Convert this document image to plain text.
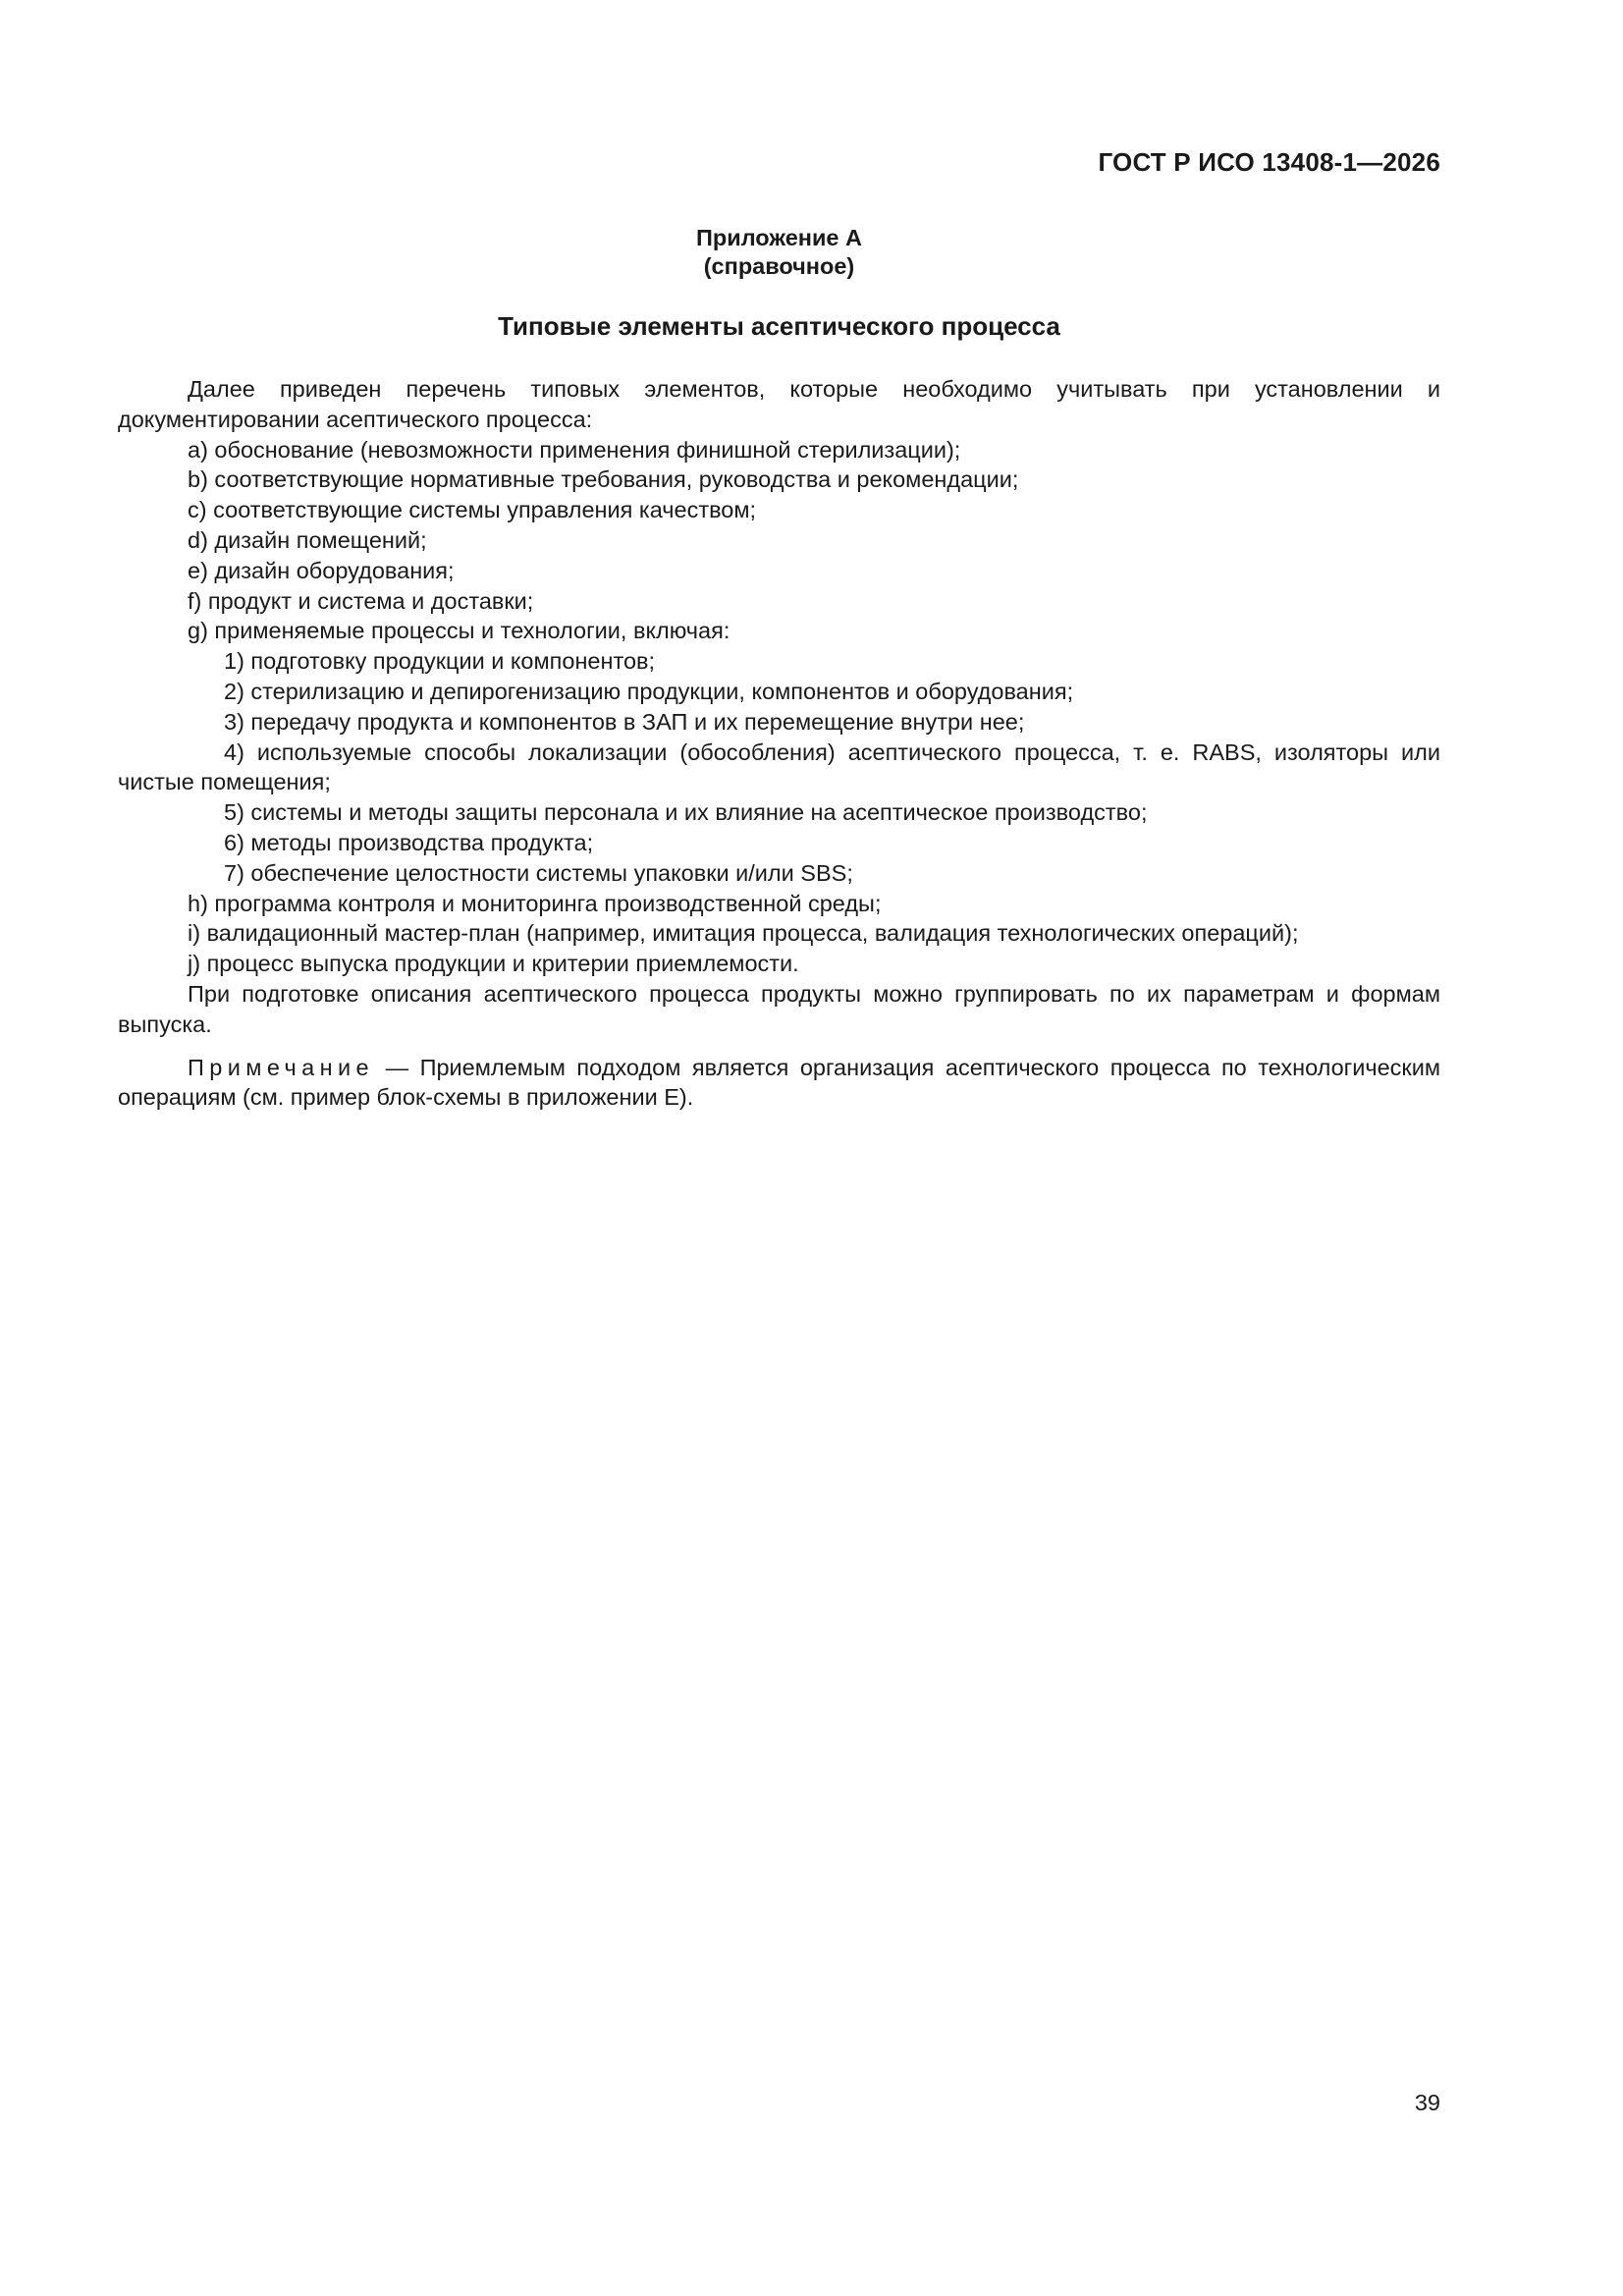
ГОСТ Р ИСО 13408-1—2026

Приложение А

(справочное)

Типовые элементы асептического процесса

Далее приведен перечень типовых элементов, которые необходимо учитывать при установлении и документировании асептического процесса:

a) обоснование (невозможности применения финишной стерилизации);

b) соответствующие нормативные требования, руководства и рекомендации;

c) соответствующие системы управления качеством;

d) дизайн помещений;

e) дизайн оборудования;

f) продукт и система и доставки;

g) применяемые процессы и технологии, включая:

1) подготовку продукции и компонентов;

2) стерилизацию и депирогенизацию продукции, компонентов и оборудования;

3) передачу продукта и компонентов в ЗАП и их перемещение внутри нее;

4) используемые способы локализации (обособления) асептического процесса, т. е. RABS, изоляторы или чистые помещения;

5) системы и методы защиты персонала и их влияние на асептическое производство;

6) методы производства продукта;

7) обеспечение целостности системы упаковки и/или SBS;

h) программа контроля и мониторинга производственной среды;

i) валидационный мастер-план (например, имитация процесса, валидация технологических операций);

j) процесс выпуска продукции и критерии приемлемости.

При подготовке описания асептического процесса продукты можно группировать по их параметрам и формам выпуска.

Примечание — Приемлемым подходом является организация асептического процесса по технологическим операциям (см. пример блок-схемы в приложении Е).

39
